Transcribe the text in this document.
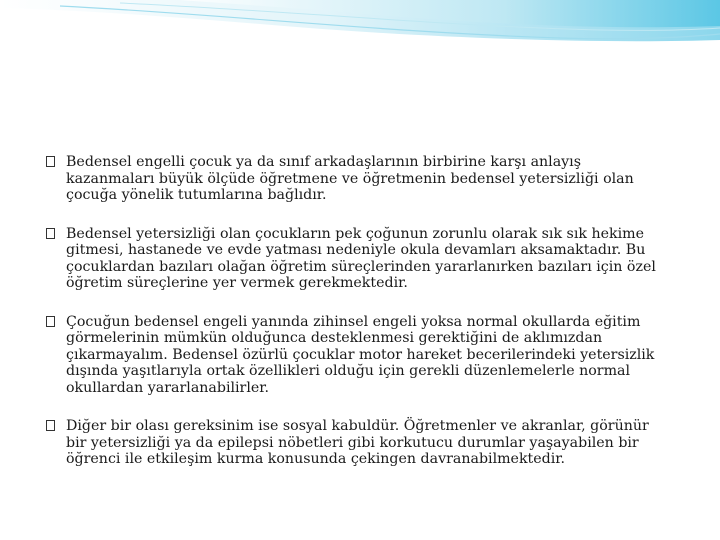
Bedensel engelli çocuk ya da sınıf arkadaşlarının birbirine karşı anlayış kazanmaları büyük ölçüde öğretmene ve öğretmenin bedensel yetersizliği olan çocuğa yönelik tutumlarına bağlıdır.
Bedensel yetersizliği olan çocukların pek çoğunun zorunlu olarak sık sık hekime gitmesi, hastanede ve evde yatması nedeniyle okula devamları aksamaktadır. Bu çocuklardan bazıları olağan öğretim süreçlerinden yararlanırken bazıları için özel öğretim süreçlerine yer vermek gerekmektedir.
Çocuğun bedensel engeli yanında zihinsel engeli yoksa normal okullarda eğitim görmelerinin mümkün olduğunca desteklenmesi gerektiğini de aklımızdan çıkarmayalım. Bedensel özürlü çocuklar motor hareket becerilerindeki yetersizlik dışında yaşıtlarıyla ortak özellikleri olduğu için gerekli düzenlemelerle normal okullardan yararlanabilirler.
Diğer bir olası gereksinim ise sosyal kabuldür. Öğretmenler ve akranlar, görünür bir yetersizliği ya da epilepsi nöbetleri gibi korkutucu durumlar yaşayabilen bir öğrenci ile etkileşim kurma konusunda çekingen davranabilmektedir.
